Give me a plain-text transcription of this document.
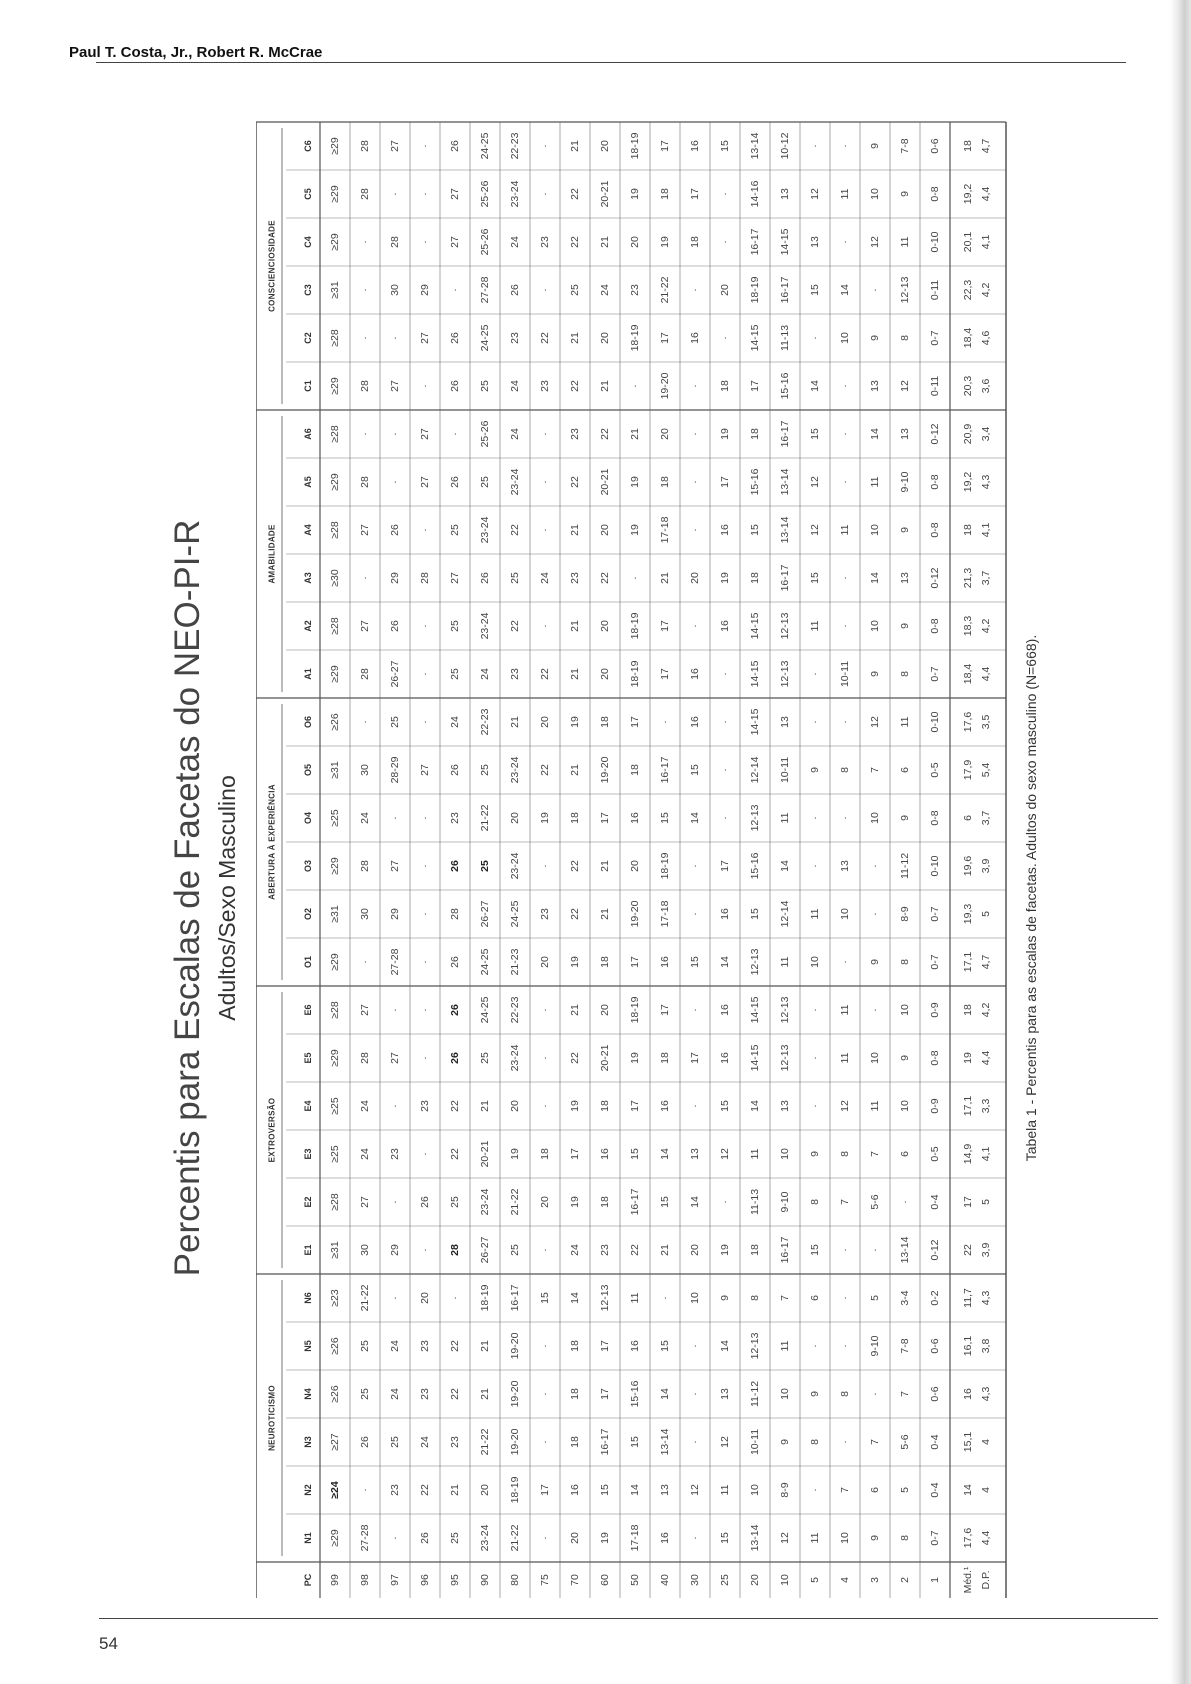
Paul T. Costa, Jr., Robert R. McCrae
Percentis para Escalas de Facetas do NEO-PI-R Adultos/Sexo Masculino
NEUROTICISMO
EXTROVERSÃO
ABERTURA À EXPERIÊNCIA
AMABILIDADE
CONSCIENCIOSIDADE
PC
N1
N2
N3
N4
N5
N6
E1
E2
E3
E4
E5
E6
O1
O2
O3
O4
O5
O6
A1
A2
A3
A4
A5
A6
C1
C2
C3
C4
C5
C6
99
≥29
≥24
≥27
≥26
≥26
≥23
≥31
≥28
≥25
≥25
≥29
≥28
≥29
≥31
≥29
≥25
≥31
≥26
≥29
≥28
≥30
≥28
≥29
≥28
≥29
≥28
≥31
≥29
≥29
≥29
98
27-28
·
26
25
25
21-22
30
27
24
24
28
27
·
30
28
24
30
·
28
27
·
27
28
·
28
·
·
·
28
28
97
·
23
25
24
24
·
29
·
23
·
27
·
27-28
29
27
·
28-29
25
26-27
26
29
26
·
·
27
·
30
28
·
27
96
26
22
24
23
23
20
·
26
·
23
·
·
·
·
·
·
27
·
·
·
28
·
27
27
·
27
29
·
·
·
95
25
21
23
22
22
·
28
25
22
22
26
26
26
28
26
23
26
24
25
25
27
25
26
·
26
26
·
27
27
26
90
23-24
20
21-22
21
21
18-19
26-27
23-24
20-21
21
25
24-25
24-25
26-27
25
21-22
25
22-23
24
23-24
26
23-24
25
25-26
25
24-25
27-28
25-26
25-26
24-25
80
21-22
18-19
19-20
19-20
19-20
16-17
25
21-22
19
20
23-24
22-23
21-23
24-25
23-24
20
23-24
21
23
22
25
22
23-24
24
24
23
26
24
23-24
22-23
75
·
17
·
·
·
15
·
20
18
·
·
·
20
23
·
19
22
20
22
·
24
·
·
·
23
22
·
23
·
·
70
20
16
18
18
18
14
24
19
17
19
22
21
19
22
22
18
21
19
21
21
23
21
22
23
22
21
25
22
22
21
60
19
15
16-17
17
17
12-13
23
18
16
18
20-21
20
18
21
21
17
19-20
18
20
20
22
20
20-21
22
21
20
24
21
20-21
20
50
17-18
14
15
15-16
16
11
22
16-17
15
17
19
18-19
17
19-20
20
16
18
17
18-19
18-19
·
19
19
21
·
18-19
23
20
19
18-19
40
16
13
13-14
14
15
·
21
15
14
16
18
17
16
17-18
18-19
15
16-17
·
17
17
21
17-18
18
20
19-20
17
21-22
19
18
17
30
·
12
·
·
·
10
20
14
13
·
17
·
15
·
·
14
15
16
16
·
20
·
·
·
·
16
·
18
17
16
25
15
11
12
13
14
9
19
·
12
15
16
16
14
16
17
·
·
·
·
16
19
16
17
19
18
·
20
·
·
15
20
13-14
10
10-11
11-12
12-13
8
18
11-13
11
14
14-15
14-15
12-13
15
15-16
12-13
12-14
14-15
14-15
14-15
18
15
15-16
18
17
14-15
18-19
16-17
14-16
13-14
10
12
8-9
9
10
11
7
16-17
9-10
10
13
12-13
12-13
11
12-14
14
11
10-11
13
12-13
12-13
16-17
13-14
13-14
16-17
15-16
11-13
16-17
14-15
13
10-12
5
11
·
8
9
·
6
15
8
9
·
·
·
10
11
·
·
9
·
·
11
15
12
12
15
14
·
15
13
12
·
4
10
7
·
8
·
·
·
7
8
12
11
11
·
10
13
·
8
·
10-11
·
·
11
·
·
·
10
14
·
11
·
3
9
6
7
·
9-10
5
·
5-6
7
11
10
·
9
·
·
10
7
12
9
10
14
10
11
14
13
9
·
12
10
9
2
8
5
5-6
7
7-8
3-4
13-14
·
6
10
9
10
8
8-9
11-12
9
6
11
8
9
13
9
9-10
13
12
8
12-13
11
9
7-8
1
0-7
0-4
0-4
0-6
0-6
0-2
0-12
0-4
0-5
0-9
0-8
0-9
0-7
0-7
0-10
0-8
0-5
0-10
0-7
0-8
0-12
0-8
0-8
0-12
0-11
0-7
0-11
0-10
0-8
0-6
Méd.¹ D.P.
17,6
14
15,1
16
16,1
11,7
22
17
14,9
17,1
19
18
17,1
19,3
19,6
6
17,9
17,6
18,4
18,3
21,3
18
19,2
20,9
20,3
18,4
22,3
20,1
19,2
18
4,4
4
4
4,3
3,8
4,3
3,9
5
4,1
3,3
4,4
4,2
4,7
5
3,9
3,7
5,4
3,5
4,4
4,2
3,7
4,1
4,3
3,4
3,6
4,6
4,2
4,1
4,4
4,7
Tabela 1 - Percentis para as escalas de facetas. Adultos do sexo masculino (N=668).
54
